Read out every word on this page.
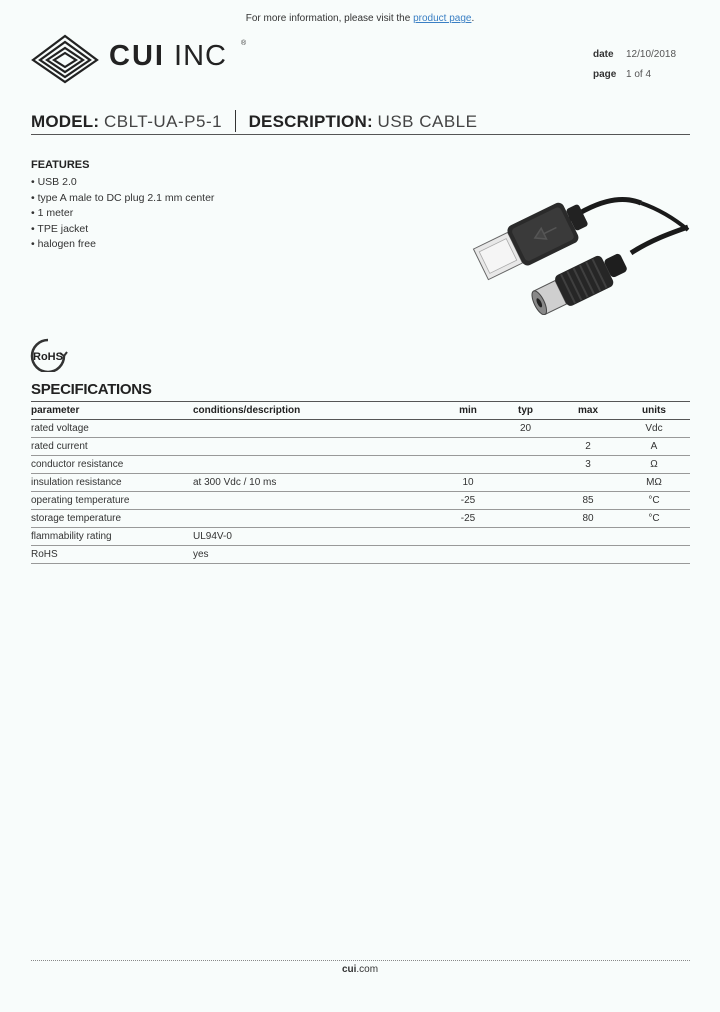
For more information, please visit the product page.
CUI INC ®
date	12/10/2018
page 1 of 4
MODEL: CBLT-UA-P5-1 DESCRIPTION: USB CABLE
FEATURES
• USB 2.0
• type A male to DC plug 2.1 mm center
• 1 meter
• TPE jacket
• halogen free
RoHS
SPECIFICATIONS
parameter	conditions/description	min	typ	max	units
rated voltage			20		Vdc
rated current				2	A
conductor resistance				3	Ω
insulation resistance	at 300 Vdc / 10 ms	10			MΩ
operating temperature		-25		85	°C
storage temperature		-25		80	°C
flammability rating	UL94V-0				
RoHS	yes				
cui.com
